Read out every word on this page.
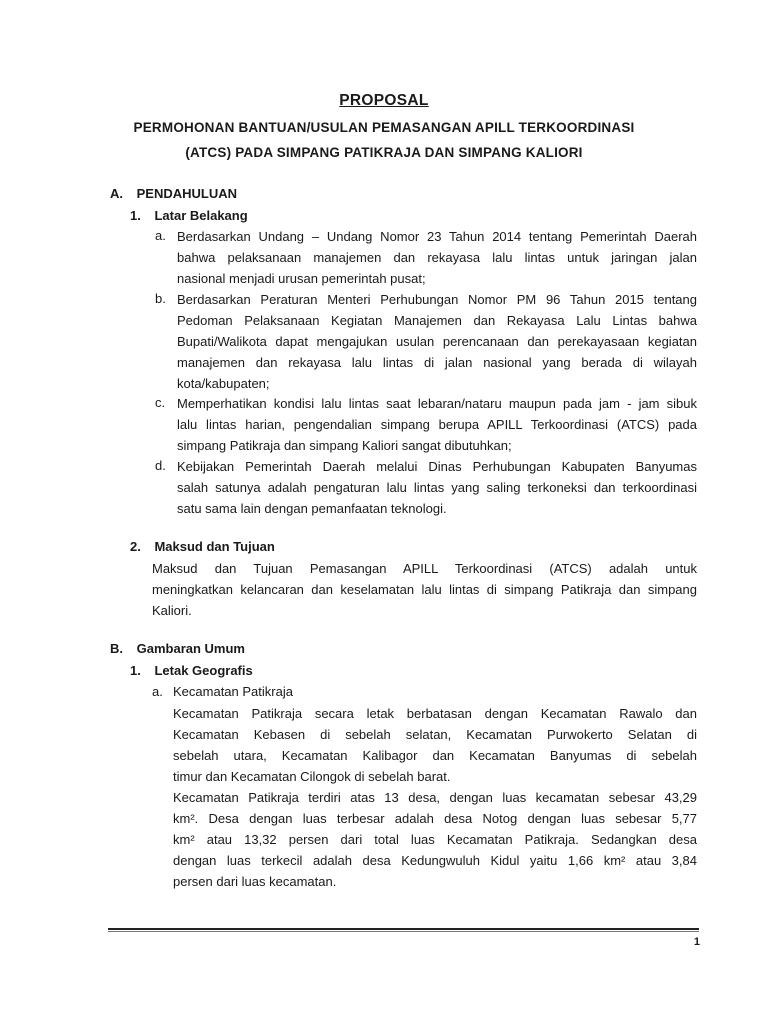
PROPOSAL
PERMOHONAN BANTUAN/USULAN PEMASANGAN APILL TERKOORDINASI
(ATCS) PADA SIMPANG PATIKRAJA DAN SIMPANG KALIORI
A. PENDAHULUAN
1. Latar Belakang
a. Berdasarkan Undang – Undang Nomor 23 Tahun 2014 tentang Pemerintah Daerah
bahwa pelaksanaan manajemen dan rekayasa lalu lintas untuk jaringan jalan
nasional menjadi urusan pemerintah pusat;
b. Berdasarkan Peraturan Menteri Perhubungan Nomor PM 96 Tahun 2015 tentang
Pedoman Pelaksanaan Kegiatan Manajemen dan Rekayasa Lalu Lintas bahwa
Bupati/Walikota dapat mengajukan usulan perencanaan dan perekayasaan kegiatan
manajemen dan rekayasa lalu lintas di jalan nasional yang berada di wilayah
kota/kabupaten;
c. Memperhatikan kondisi lalu lintas saat lebaran/nataru maupun pada jam - jam sibuk
lalu lintas harian, pengendalian simpang berupa APILL Terkoordinasi (ATCS) pada
simpang Patikraja dan simpang Kaliori sangat dibutuhkan;
d. Kebijakan Pemerintah Daerah melalui Dinas Perhubungan Kabupaten Banyumas
salah satunya adalah pengaturan lalu lintas yang saling terkoneksi dan terkoordinasi
satu sama lain dengan pemanfaatan teknologi.
2. Maksud dan Tujuan
Maksud dan Tujuan Pemasangan APILL Terkoordinasi (ATCS) adalah untuk
meningkatkan kelancaran dan keselamatan lalu lintas di simpang Patikraja dan simpang
Kaliori.
B. Gambaran Umum
1. Letak Geografis
a. Kecamatan Patikraja
Kecamatan Patikraja secara letak berbatasan dengan Kecamatan Rawalo dan
Kecamatan Kebasen di sebelah selatan, Kecamatan Purwokerto Selatan di
sebelah utara, Kecamatan Kalibagor dan Kecamatan Banyumas di sebelah
timur dan Kecamatan Cilongok di sebelah barat.
Kecamatan Patikraja terdiri atas 13 desa, dengan luas kecamatan sebesar 43,29
km². Desa dengan luas terbesar adalah desa Notog dengan luas sebesar 5,77
km² atau 13,32 persen dari total luas Kecamatan Patikraja. Sedangkan desa
dengan luas terkecil adalah desa Kedungwuluh Kidul yaitu 1,66 km² atau 3,84
persen dari luas kecamatan.
1
